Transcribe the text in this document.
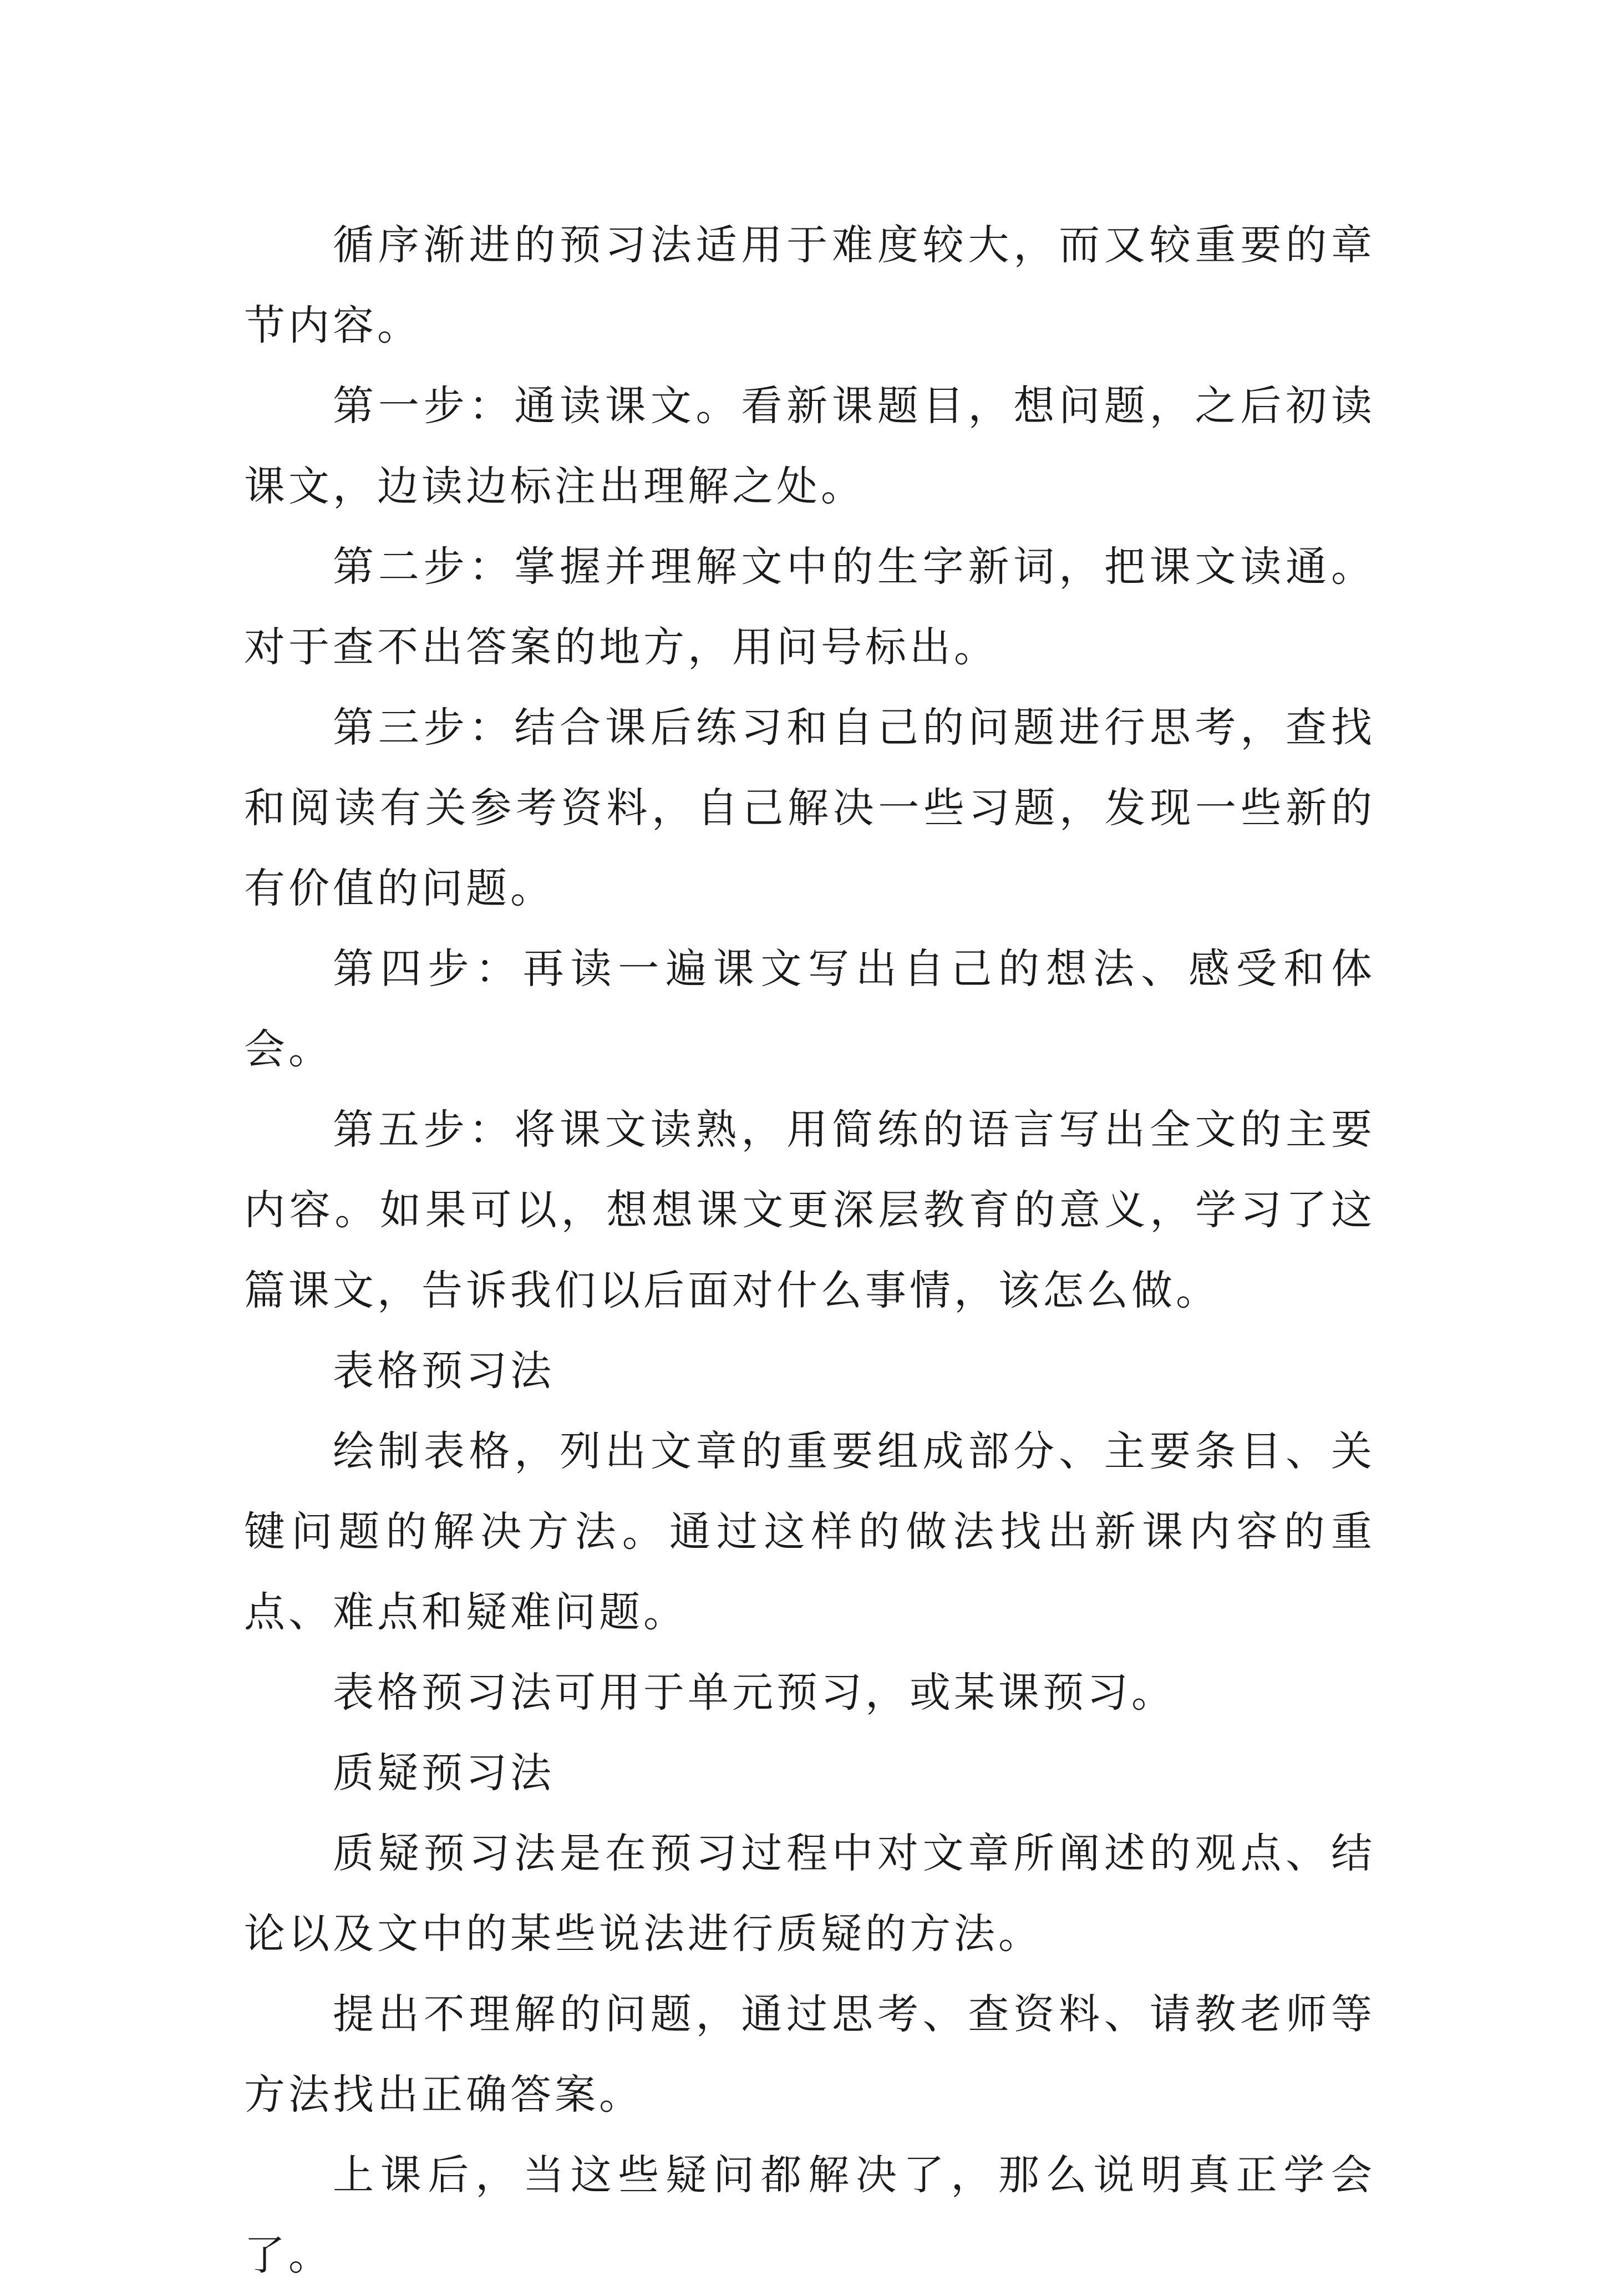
循序渐进的预习法适用于难度较大，而又较重要的章节内容。

第一步：通读课文。看新课题目，想问题，之后初读课文，边读边标注出理解之处。

第二步：掌握并理解文中的生字新词，把课文读通。对于查不出答案的地方，用问号标出。

第三步：结合课后练习和自己的问题进行思考，查找和阅读有关参考资料，自己解决一些习题，发现一些新的有价值的问题。

第四步：再读一遍课文写出自己的想法、感受和体会。

第五步：将课文读熟，用简练的语言写出全文的主要内容。如果可以，想想课文更深层教育的意义，学习了这篇课文，告诉我们以后面对什么事情，该怎么做。

表格预习法

绘制表格，列出文章的重要组成部分、主要条目、关键问题的解决方法。通过这样的做法找出新课内容的重点、难点和疑难问题。

表格预习法可用于单元预习，或某课预习。

质疑预习法

质疑预习法是在预习过程中对文章所阐述的观点、结论以及文中的某些说法进行质疑的方法。

提出不理解的问题，通过思考、查资料、请教老师等方法找出正确答案。

上课后，当这些疑问都解决了，那么说明真正学会了。
